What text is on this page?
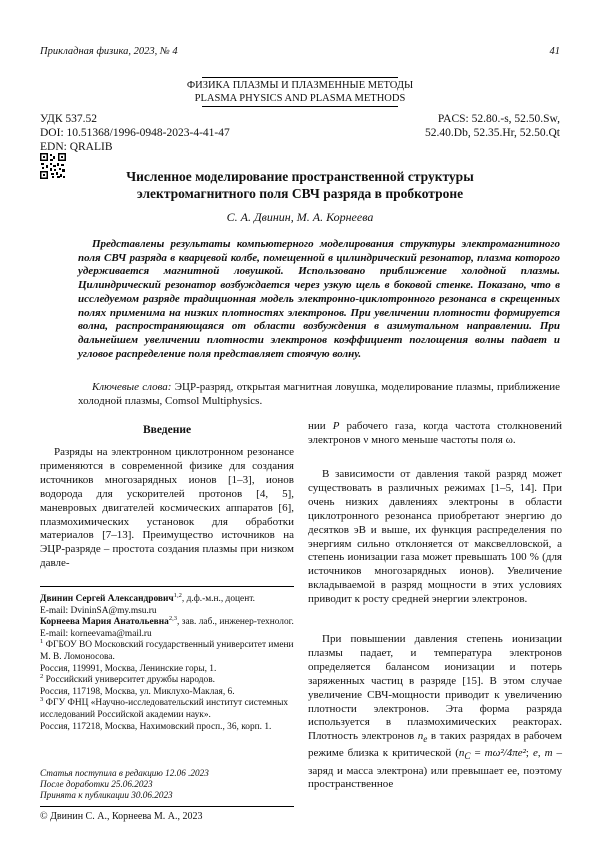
Прикладная физика, 2023, № 4	41
ФИЗИКА ПЛАЗМЫ И ПЛАЗМЕННЫЕ МЕТОДЫ
PLASMA PHYSICS AND PLASMA METHODS
УДК 537.52
DOI: 10.51368/1996-0948-2023-4-41-47
EDN: QRALIB
PACS: 52.80.-s, 52.50.Sw,
52.40.Db, 52.35.Hr, 52.50.Qt
Численное моделирование пространственной структуры
электромагнитного поля СВЧ разряда в пробкотроне
С. А. Двинин, М. А. Корнеева

Представлены результаты компьютерного моделирования структуры электромагнитного поля СВЧ разряда в кварцевой колбе, помещенной в цилиндрический резонатор, плазма которого удерживается магнитной ловушкой. Использовано приближение холодной плазмы. Цилиндрический резонатор возбуждается через узкую щель в боковой стенке. Показано, что в исследуемом разряде традиционная модель электронно-циклотронного резонанса в скрещенных полях применима на низких плотностях электронов. При увеличении плотности формируется волна, распространяющаяся от области возбуждения в азимутальном направлении. При дальнейшем увеличении плотности электронов коэффициент поглощения волны падает и угловое распределение поля представляет стоячую волну.

Ключевые слова: ЭЦР-разряд, открытая магнитная ловушка, моделирование плазмы, приближение холодной плазмы, Comsol Multiphysics.

Введение

Разряды на электронном циклотронном резонансе применяются в современной физике для создания источников многозарядных ионов [1–3], ионов водорода для ускорителей протонов [4, 5], маневровых двигателей космических аппаратов [6], плазмохимических установок для обработки материалов [7–13]. Преимущество источников на ЭЦР-разряде – простота создания плазмы при низком давле-

Двинин Сергей Александрович$^{1,2}$, д.ф.-м.н., доцент.

E-mail: DvininSA@my.msu.ru

Корнеева Мария Анатольевна$^{2,3}$, зав. лаб., инженер-технолог.

E-mail: korneevama@mail.ru

$^1$ ФГБОУ ВО Московский государственный университет имени М. В. Ломоносова.

Россия, 119991, Москва, Ленинские горы, 1.

$^2$ Российский университет дружбы народов.

Россия, 117198, Москва, ул. Миклухо-Маклая, 6.

$^3$ ФГУ ФНЦ «Научно-исследовательский институт системных исследований Российской академии наук».

Россия, 117218, Москва, Нахимовский просп., 36, корп. 1.

Статья поступила в редакцию 12.06 .2023

После доработки 25.06.2023

Принята к публикации 30.06.2023

© Двинин С. А., Корнеева М. А., 2023

нии P рабочего газа, когда частота столкновений электронов ν много меньше частоты поля ω.

В зависимости от давления такой разряд может существовать в различных режимах [1–5, 14]. При очень низких давлениях электроны в области циклотронного резонанса приобретают энергию до десятков эВ и выше, их функция распределения по энергиям сильно отклоняется от максвелловской, а степень ионизации газа может превышать 100 % (для источников многозарядных ионов). Увеличение вкладываемой в разряд мощности в этих условиях приводит к росту средней энергии электронов.

При повышении давления степень ионизации плазмы падает, и температура электронов определяется балансом ионизации и потерь заряженных частиц в разряде [15]. В этом случае увеличение СВЧ-мощности приводит к увеличению плотности электронов. Эта форма разряда используется в плазмохимических реакторах. Плотность электронов $n_e$ в таких разрядах в рабочем режиме близка к критической ($n_C = m\omega^2/4\pi e^2$; e, m – заряд и масса электрона) или превышает ее, поэтому пространственное
